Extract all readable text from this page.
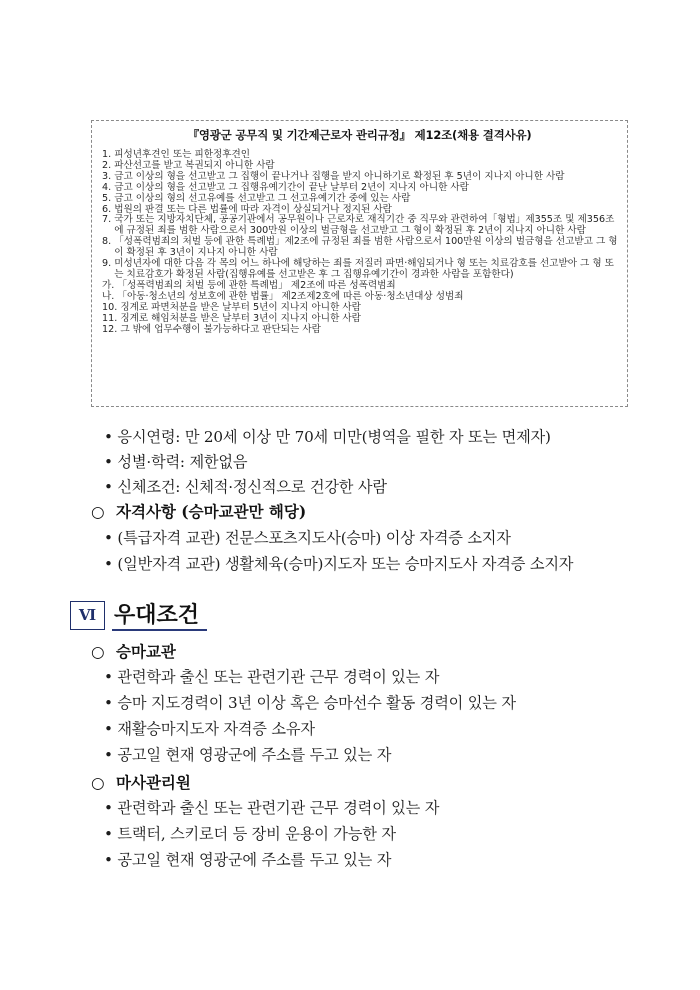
『영광군 공무직 및 기간제근로자 관리규정』 제12조(채용 결격사유)
1. 피성년후견인 또는 피한정후견인
2. 파산선고를 받고 복권되지 아니한 사람
3. 금고 이상의 형을 선고받고 그 집행이 끝나거나 집행을 받지 아니하기로 확정된 후 5년이 지나지 아니한 사람
4. 금고 이상의 형을 선고받고 그 집행유예기간이 끝난 날부터 2년이 지나지 아니한 사람
5. 금고 이상의 형의 선고유예를 선고받고 그 선고유예기간 중에 있는 사람
6. 법원의 판결 또는 다른 법률에 따라 자격이 상실되거나 정지된 사람
7. 국가 또는 지방자치단체, 공공기관에서 공무원이나 근로자로 재직기간 중 직무와 관련하여「형법」제355조 및 제356조에 규정된 죄를 범한 사람으로서 300만원 이상의 벌금형을 선고받고 그 형이 확정된 후 2년이 지나지 아니한 사람
8. 「성폭력범죄의 처벌 등에 관한 특례법」제2조에 규정된 죄를 범한 사람으로서 100만원 이상의 벌금형을 선고받고 그 형이 확정된 후 3년이 지나지 아니한 사람
9. 미성년자에 대한 다음 각 목의 어느 하나에 해당하는 죄를 저질러 파면·해임되거나 형 또는 치료감호를 선고받아 그 형 또는 치료감호가 확정된 사람(집행유예를 선고받은 후 그 집행유예기간이 경과한 사람을 포함한다)
가. 「성폭력범죄의 처벌 등에 관한 특례법」 제2조에 따른 성폭력범죄
나. 「아동·청소년의 성보호에 관한 법률」 제2조제2호에 따른 아동·청소년대상 성범죄
10. 징계로 파면처분을 받은 날부터 5년이 지나지 아니한 사람
11. 징계로 해임처분을 받은 날부터 3년이 지나지 아니한 사람
12. 그 밖에 업무수행이 불가능하다고 판단되는 사람
• 응시연령: 만 20세 이상 만 70세 미만(병역을 필한 자 또는 면제자)
• 성별·학력: 제한없음
• 신체조건: 신체적·정신적으로 건강한 사람
○ 자격사항 (승마교관만 해당)
• (특급자격 교관) 전문스포츠지도사(승마) 이상 자격증 소지자
• (일반자격 교관) 생활체육(승마)지도자 또는 승마지도사 자격증 소지자
Ⅵ 우대조건
○ 승마교관
• 관련학과 출신 또는 관련기관 근무 경력이 있는 자
• 승마 지도경력이 3년 이상 혹은 승마선수 활동 경력이 있는 자
• 재활승마지도자 자격증 소유자
• 공고일 현재 영광군에 주소를 두고 있는 자
○ 마사관리원
• 관련학과 출신 또는 관련기관 근무 경력이 있는 자
• 트랙터, 스키로더 등 장비 운용이 가능한 자
• 공고일 현재 영광군에 주소를 두고 있는 자
